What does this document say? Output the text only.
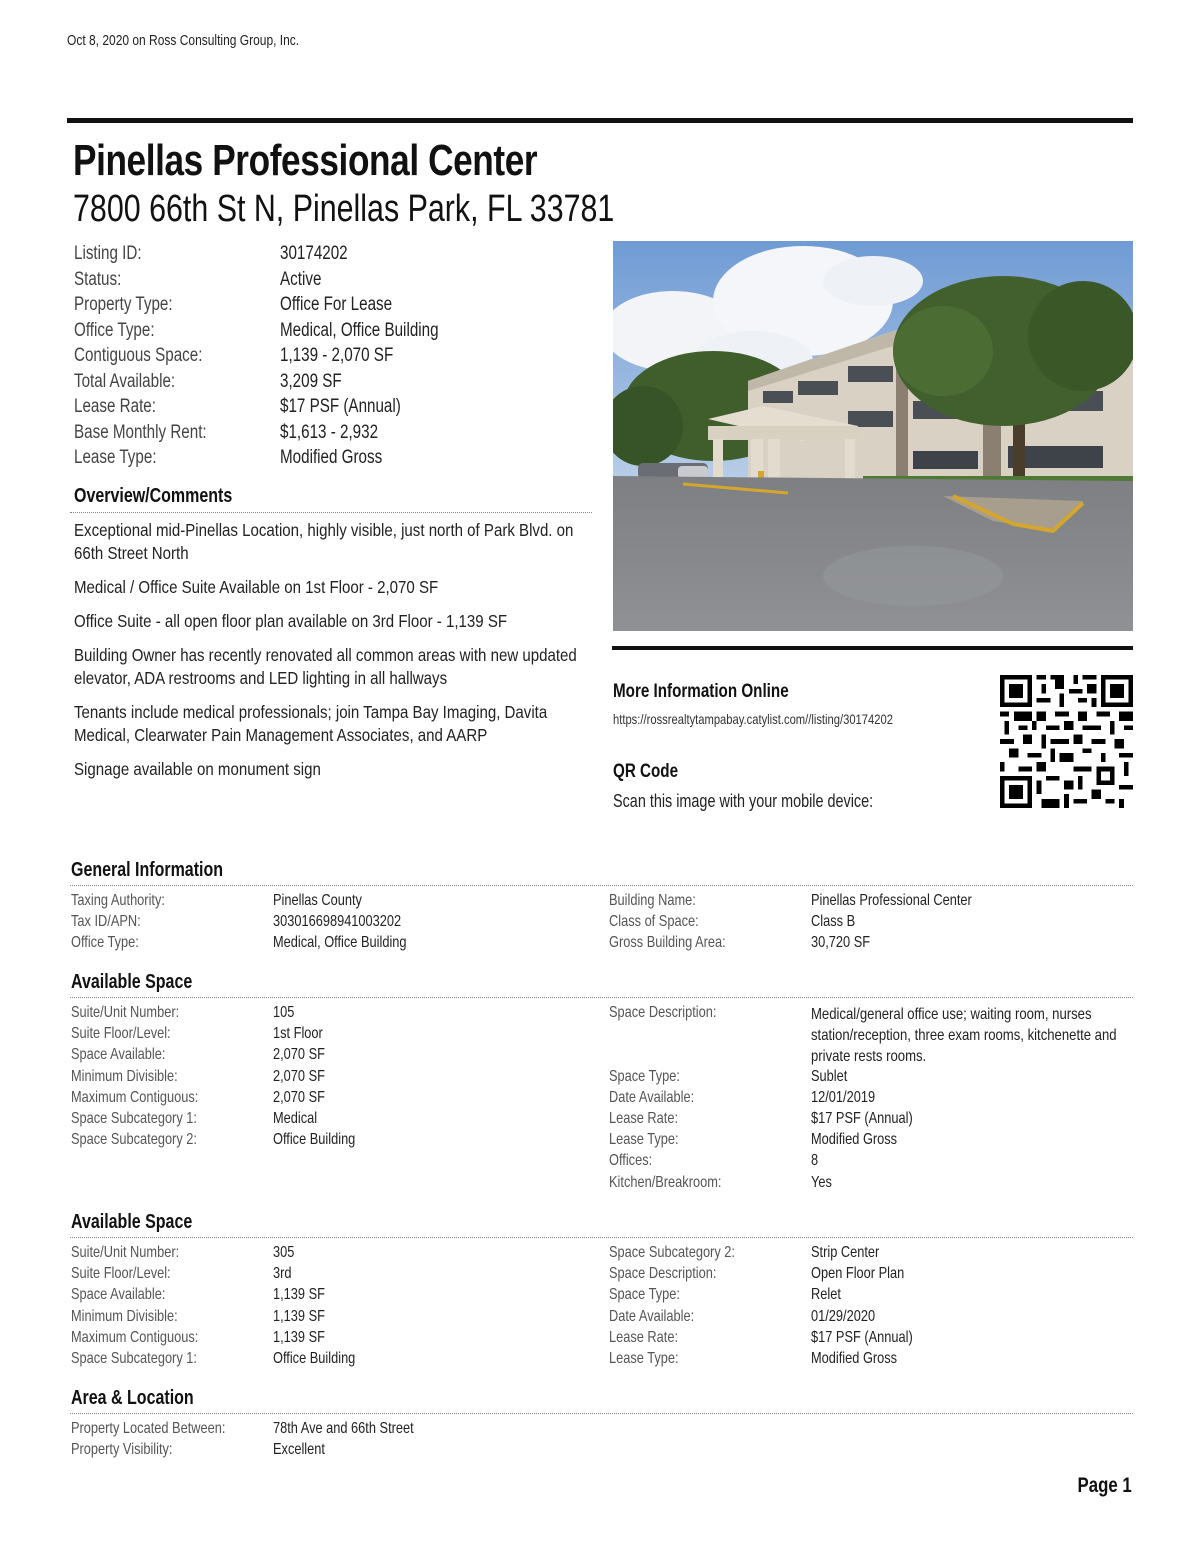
Oct 8, 2020 on Ross Consulting Group, Inc.
Pinellas Professional Center
7800 66th St N, Pinellas Park, FL 33781
Listing ID:	30174202
Status:	Active
Property Type:	Office For Lease
Office Type:	Medical, Office Building
Contiguous Space:	1,139 - 2,070 SF
Total Available:	3,209 SF
Lease Rate:	$17 PSF (Annual)
Base Monthly Rent:	$1,613 - 2,932
Lease Type:	Modified Gross
Overview/Comments

Exceptional mid-Pinellas Location, highly visible, just north of Park Blvd. on 66th Street North

Medical / Office Suite Available on 1st Floor - 2,070 SF

Office Suite - all open floor plan available on 3rd Floor - 1,139 SF

Building Owner has recently renovated all common areas with new updated elevator, ADA restrooms and LED lighting in all hallways

Tenants include medical professionals; join Tampa Bay Imaging, Davita Medical, Clearwater Pain Management Associates, and AARP

Signage available on monument sign

More Information Online
https://rossrealtytampabay.catylist.com//listing/30174202
QR Code
Scan this image with your mobile device:
General Information
Taxing Authority:	Pinellas County
Tax ID/APN:	303016698941003202
Office Type:	Medical, Office Building
Building Name:	Pinellas Professional Center
Class of Space:	Class B
Gross Building Area:	30,720 SF
Available Space
Suite/Unit Number:	105
Suite Floor/Level:	1st Floor
Space Available:	2,070 SF
Minimum Divisible:	2,070 SF
Maximum Contiguous:	2,070 SF
Space Subcategory 1:	Medical
Space Subcategory 2:	Office Building
Space Description:	Medical/general office use; waiting room, nurses station/reception, three exam rooms, kitchenette and private rests rooms.
Space Type:	Sublet
Date Available:	12/01/2019
Lease Rate:	$17 PSF (Annual)
Lease Type:	Modified Gross
Offices:	8
Kitchen/Breakroom:	Yes
Available Space
Suite/Unit Number:	305
Suite Floor/Level:	3rd
Space Available:	1,139 SF
Minimum Divisible:	1,139 SF
Maximum Contiguous:	1,139 SF
Space Subcategory 1:	Office Building
Space Subcategory 2:	Strip Center
Space Description:	Open Floor Plan
Space Type:	Relet
Date Available:	01/29/2020
Lease Rate:	$17 PSF (Annual)
Lease Type:	Modified Gross
Area & Location
Property Located Between:	78th Ave and 66th Street
Property Visibility:	Excellent
Page 1
